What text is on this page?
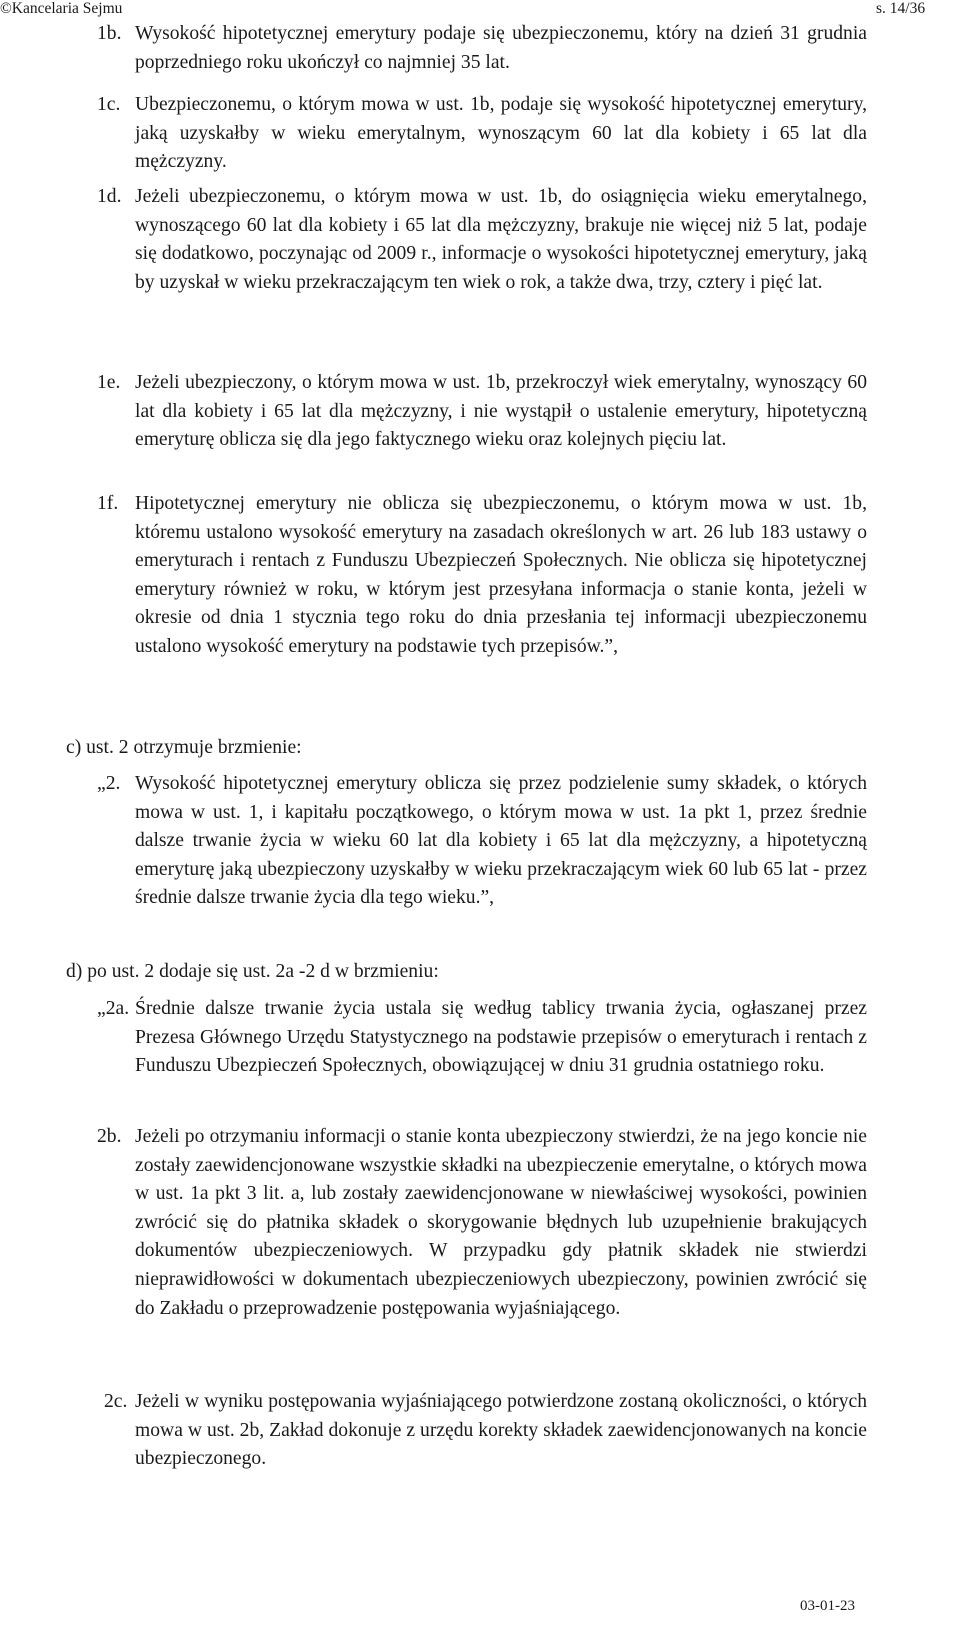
©Kancelaria Sejmu	s. 14/36
1b. Wysokość hipotetycznej emerytury podaje się ubezpieczonemu, który na dzień 31 grudnia poprzedniego roku ukończył co najmniej 35 lat.
1c. Ubezpieczonemu, o którym mowa w ust. 1b, podaje się wysokość hipotetycznej emerytury, jaką uzyskałby w wieku emerytalnym, wynoszącym 60 lat dla kobiety i 65 lat dla mężczyzny.
1d. Jeżeli ubezpieczonemu, o którym mowa w ust. 1b, do osiągnięcia wieku emerytalnego, wynoszącego 60 lat dla kobiety i 65 lat dla mężczyzny, brakuje nie więcej niż 5 lat, podaje się dodatkowo, poczynając od 2009 r., informacje o wysokości hipotetycznej emerytury, jaką by uzyskał w wieku przekraczającym ten wiek o rok, a także dwa, trzy, cztery i pięć lat.
1e. Jeżeli ubezpieczony, o którym mowa w ust. 1b, przekroczył wiek emerytalny, wynoszący 60 lat dla kobiety i 65 lat dla mężczyzny, i nie wystąpił o ustalenie emerytury, hipotetyczną emeryturę oblicza się dla jego faktycznego wieku oraz kolejnych pięciu lat.
1f. Hipotetycznej emerytury nie oblicza się ubezpieczonemu, o którym mowa w ust. 1b, któremu ustalono wysokość emerytury na zasadach określonych w art. 26 lub 183 ustawy o emeryturach i rentach z Funduszu Ubezpieczeń Społecznych. Nie oblicza się hipotetycznej emerytury również w roku, w którym jest przesyłana informacja o stanie konta, jeżeli w okresie od dnia 1 stycznia tego roku do dnia przesłania tej informacji ubezpieczonemu ustalono wysokość emerytury na podstawie tych przepisów.”,

c) ust. 2 otrzymuje brzmienie:

„2. Wysokość hipotetycznej emerytury oblicza się przez podzielenie sumy składek, o których mowa w ust. 1, i kapitału początkowego, o którym mowa w ust. 1a pkt 1, przez średnie dalsze trwanie życia w wieku 60 lat dla kobiety i 65 lat dla mężczyzny, a hipotetyczną emeryturę jaką ubezpieczony uzyskałby w wieku przekraczającym wiek 60 lub 65 lat - przez średnie dalsze trwanie życia dla tego wieku.”,

d) po ust. 2 dodaje się ust. 2a -2 d w brzmieniu:

„2a. Średnie dalsze trwanie życia ustala się według tablicy trwania życia, ogłaszanej przez Prezesa Głównego Urzędu Statystycznego na podstawie przepisów o emeryturach i rentach z Funduszu Ubezpieczeń Społecznych, obowiązującej w dniu 31 grudnia ostatniego roku.
2b. Jeżeli po otrzymaniu informacji o stanie konta ubezpieczony stwierdzi, że na jego koncie nie zostały zaewidencjonowane wszystkie składki na ubezpieczenie emerytalne, o których mowa w ust. 1a pkt 3 lit. a, lub zostały zaewidencjonowane w niewłaściwej wysokości, powinien zwrócić się do płatnika składek o skorygowanie błędnych lub uzupełnienie brakujących dokumentów ubezpieczeniowych. W przypadku gdy płatnik składek nie stwierdzi nieprawidłowości w dokumentach ubezpieczeniowych ubezpieczony, powinien zwrócić się do Zakładu o przeprowadzenie postępowania wyjaśniającego.
2c. Jeżeli w wyniku postępowania wyjaśniającego potwierdzone zostaną okoliczności, o których mowa w ust. 2b, Zakład dokonuje z urzędu korekty składek zaewidencjonowanych na koncie ubezpieczonego.
03-01-23
